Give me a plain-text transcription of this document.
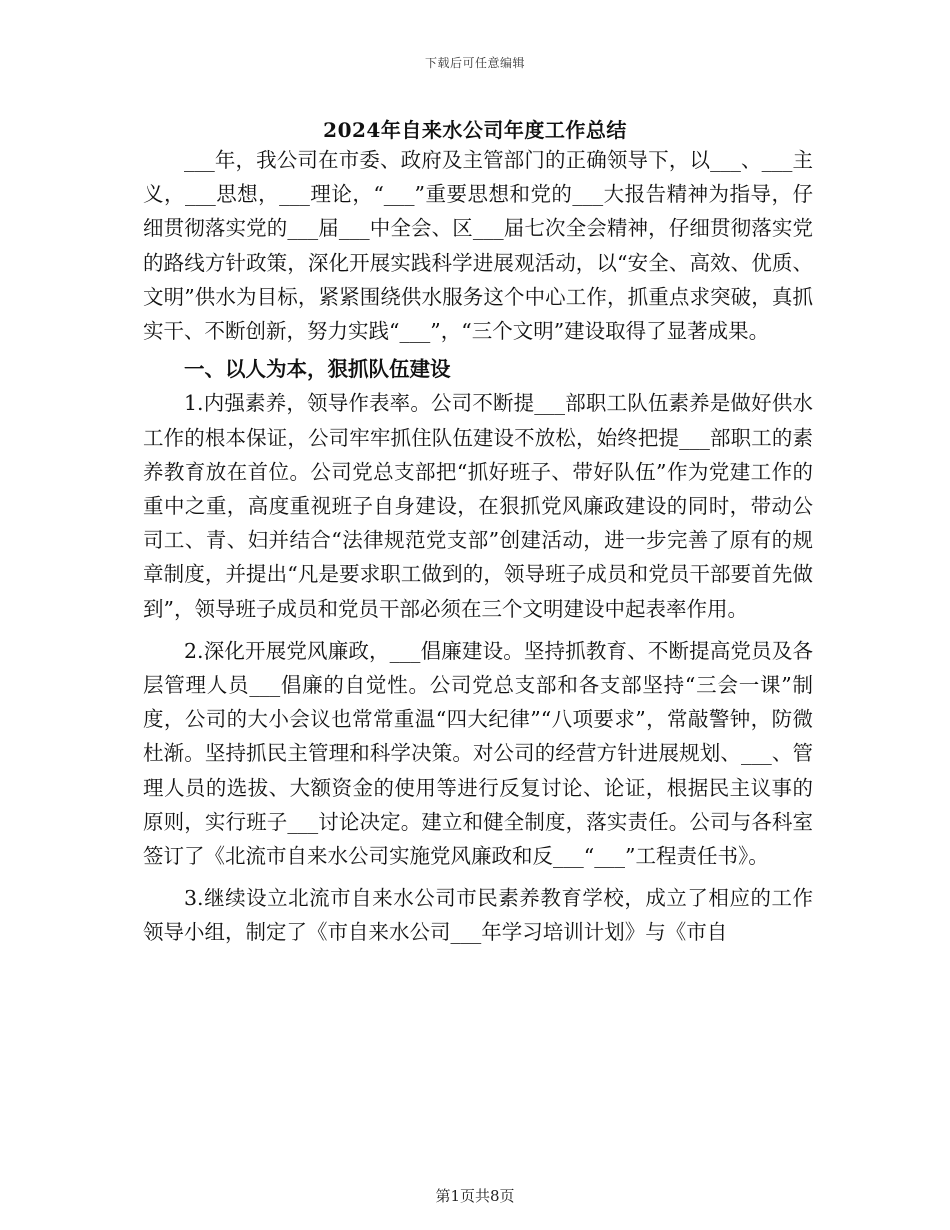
下载后可任意编辑
2024年自来水公司年度工作总结

___年，我公司在市委、政府及主管部门的正确领导下，以___、___主义，___思想，___理论，“___”重要思想和党的___大报告精神为指导，仔细贯彻落实党的___届___中全会、区___届七次全会精神，仔细贯彻落实党的路线方针政策，深化开展实践科学进展观活动，以“安全、高效、优质、文明”供水为目标，紧紧围绕供水服务这个中心工作，抓重点求突破，真抓实干、不断创新，努力实践“___”，“三个文明”建设取得了显著成果。

一、以人为本，狠抓队伍建设

1.内强素养，领导作表率。公司不断提___部职工队伍素养是做好供水工作的根本保证，公司牢牢抓住队伍建设不放松，始终把提___部职工的素养教育放在首位。公司党总支部把“抓好班子、带好队伍”作为党建工作的重中之重，高度重视班子自身建设，在狠抓党风廉政建设的同时，带动公司工、青、妇并结合“法律规范党支部”创建活动，进一步完善了原有的规章制度，并提出“凡是要求职工做到的，领导班子成员和党员干部要首先做到”，领导班子成员和党员干部必须在三个文明建设中起表率作用。

2.深化开展党风廉政，___倡廉建设。坚持抓教育、不断提高党员及各层管理人员___倡廉的自觉性。公司党总支部和各支部坚持“三会一课”制度，公司的大小会议也常常重温“四大纪律”“八项要求”，常敲警钟，防微杜渐。坚持抓民主管理和科学决策。对公司的经营方针进展规划、___、管理人员的选拔、大额资金的使用等进行反复讨论、论证，根据民主议事的原则，实行班子___讨论决定。建立和健全制度，落实责任。公司与各科室签订了《北流市自来水公司实施党风廉政和反___“___”工程责任书》。

3.继续设立北流市自来水公司市民素养教育学校，成立了相应的工作领导小组，制定了《市自来水公司___年学习培训计划》与《市自

第1页共8页
